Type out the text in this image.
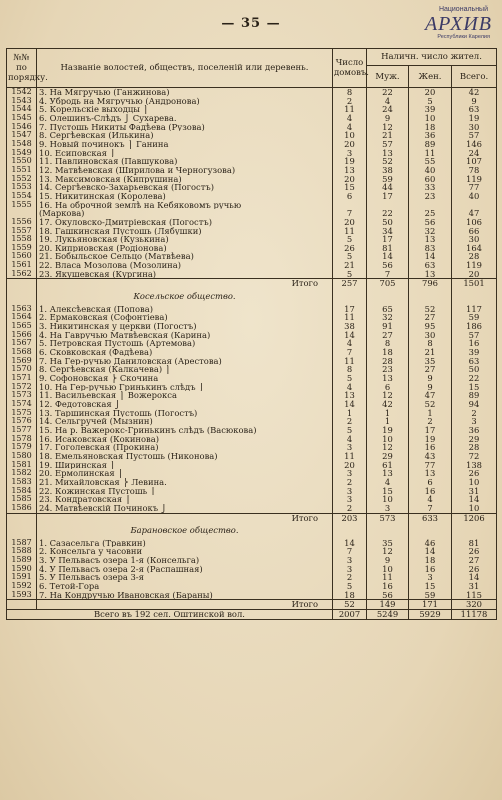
— 35 —
Национальный
АРХИВ
Республики Карелия
№№ по порядку.	Названіе волостей, обществъ, поселеній или деревень.	Число домовъ.	Наличн. число жител.		
			Муж.	Жен.	Всего.
1542	3. На Мягручью (Ганжинова)	8	22	20	42
1543	4. Убродь на Мягручью (Андронова)	2	4	5	9
1544	5. Корельскіе выходцы ⎫	11	24	39	63
1545	6. Олешинъ-Слѣдъ ⎭ Сухарева.	4	9	10	19
1546	7. Пустошь Никиты Фадѣева (Рузова)	4	12	18	30
1547	8. Сергѣевская (Илькина)	10	21	36	57
1548	9. Новый починокъ ⎫ Ганина	20	57	89	146
1549	10. Есиповская ⎭	3	13	11	24
1550	11. Павлиновская (Павшукова)	19	52	55	107
1551	12. Матвѣевская (Ширилова и Черногузова)	13	38	40	78
1552	13. Максимовская (Кипрушина)	20	59	60	119
1553	14. Сергѣевско-Захарьевская (Погостъ)	15	44	33	77
1554	15. Никитинская (Королева)	6	17	23	40
1555	16. На оброчной землѣ на Кебяковомъ ручью				
	(Маркова)	7	22	25	47
1556	17. Окуловско-Дмитріевская (Погостъ)	20	50	56	106
1557	18. Гашкинская Пустошь (Лябушки)	11	34	32	66
1558	19. Лукьяновская (Кузькина)	5	17	13	30
1559	20. Киприовская (Родіонова)	26	81	83	164
1560	21. Бобыльское Сельцо (Матвѣева)	5	14	14	28
1561	22. Власа Мозолова (Мозолина)	21	56	63	119
1562	23. Якушевская (Кургина)	5	7	13	20
	Итого	257	705	796	1501

	Косельское общество.				

1563	1. Алексѣевская (Попова)	17	65	52	117
1564	2. Ермаковская (Софонтіева)	11	32	27	59
1565	3. Никитинская у церкви (Погостъ)	38	91	95	186
1566	4. На Гавручью Матвѣевская (Карина)	14	27	30	57
1567	5. Петровская Пустошь (Артемова)	4	8	8	16
1568	6. Сковковская (Фадѣева)	7	18	21	39
1569	7. На Гер-ручью Даниловская (Арестова)	11	28	35	63
1570	8. Сергѣевская (Калкачева) ⎫	8	23	27	50
1571	9. Софоновская ⎬ Скочина	5	13	9	22
1572	10. На Гер-ручью Гринькинъ слѣдъ ⎭	4	6	9	15
1573	11. Васильевская ⎫ Вожерокса	13	12	47	89
1574	12. Федотовская ⎭	14	42	52	94
1575	13. Таршинская Пустошь (Погостъ)	1	1	1	2
1576	14. Сельгручей (Мызнин)	2	1	2	3
1577	15. На р. Важерокс-Гринькинъ слѣдъ (Васюкова)	5	19	17	36
1578	16. Исаковская (Кокинова)	4	10	19	29
1579	17. Гоголевская (Прокина)	3	12	16	28
1580	18. Емельяновская Пустошь (Никонова)	11	29	43	72
1581	19. Ширинская ⎫	20	61	77	138
1582	20. Ермолинская ⎪	3	13	13	26
1583	21. Михайловская ⎬ Левина.	2	4	6	10
1584	22. Кожинская Пустошь ⎪	3	15	16	31
1585	23. Кондратовская ⎪	3	10	4	14
1586	24. Матвѣевскій Починокъ ⎭	2	3	7	10
	Итого	203	573	633	1206

	Барановское общество.				

1587	1. Сазасельга (Травкин)	14	35	46	81
1588	2. Консельга у часовни	7	12	14	26
1589	3. У Пельвасъ озера 1-я (Консельга)	3	9	18	27
1590	4. У Пельвасъ озера 2-я (Распашная)	3	10	16	26
1591	5. У Пельвасъ озера 3-я	2	11	3	14
1592	6. Тетой-Гора	5	16	15	31
1593	7. На Кондручью Ивановская (Бараны)	18	56	59	115
	Итого	52	149	171	320
Всего въ 192 сел. Оштинской вол.		2007	5249	5929	11178
